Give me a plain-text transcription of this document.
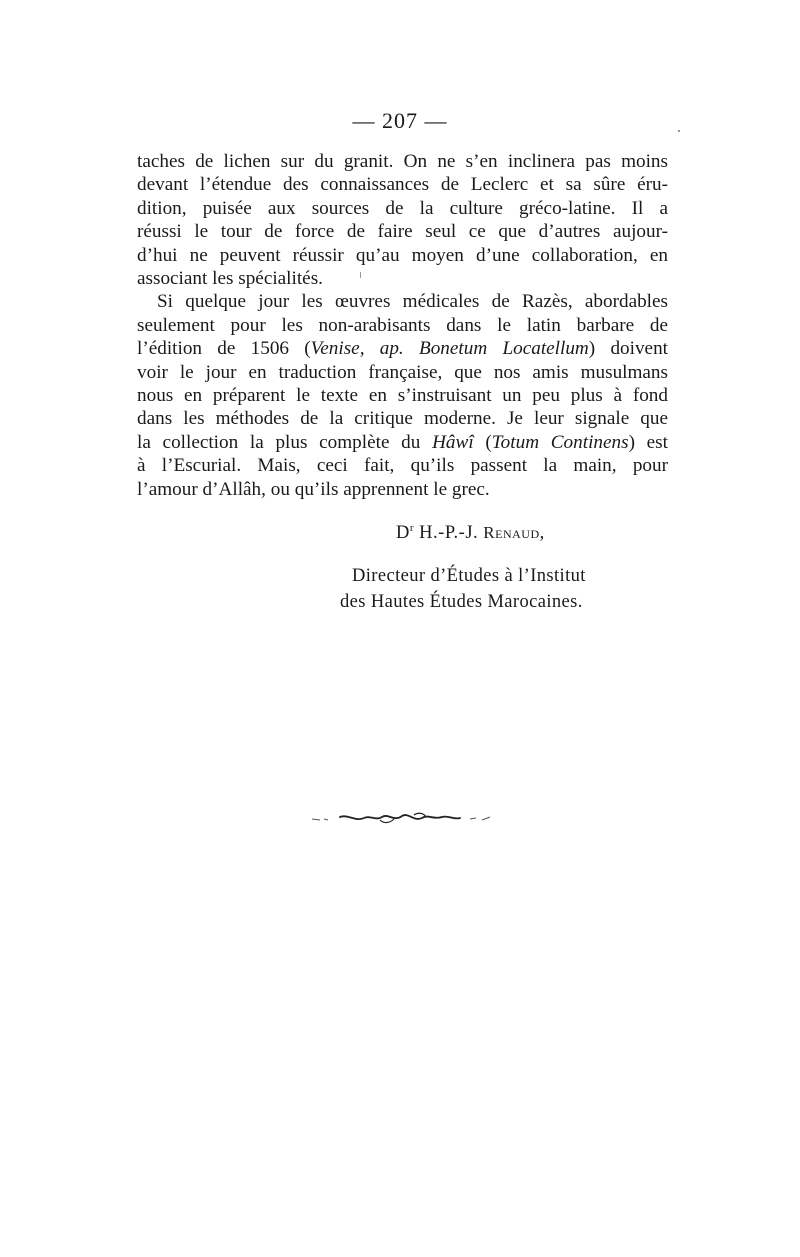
— 207 —
taches de lichen sur du granit. On ne s’en inclinera pas moins
devant l’étendue des connaissances de Leclerc et sa sûre éru-
dition, puisée aux sources de la culture gréco-latine. Il a
réussi le tour de force de faire seul ce que d’autres aujour-
d’hui ne peuvent réussir qu’au moyen d’une collaboration, en
associant les spécialités.
Si quelque jour les œuvres médicales de Razès, abordables
seulement pour les non-arabisants dans le latin barbare de
l’édition de 1506 (Venise, ap. Bonetum Locatellum) doivent
voir le jour en traduction française, que nos amis musulmans
nous en préparent le texte en s’instruisant un peu plus à fond
dans les méthodes de la critique moderne. Je leur signale que
la collection la plus complète du Hâwî (Totum Continens) est
à l’Escurial. Mais, ceci fait, qu’ils passent la main, pour
l’amour d’Allâh, ou qu’ils apprennent le grec.
$D^r$ H.-P.-J. Renaud,
Directeur d’Études à l’Institut
des Hautes Études Marocaines.
